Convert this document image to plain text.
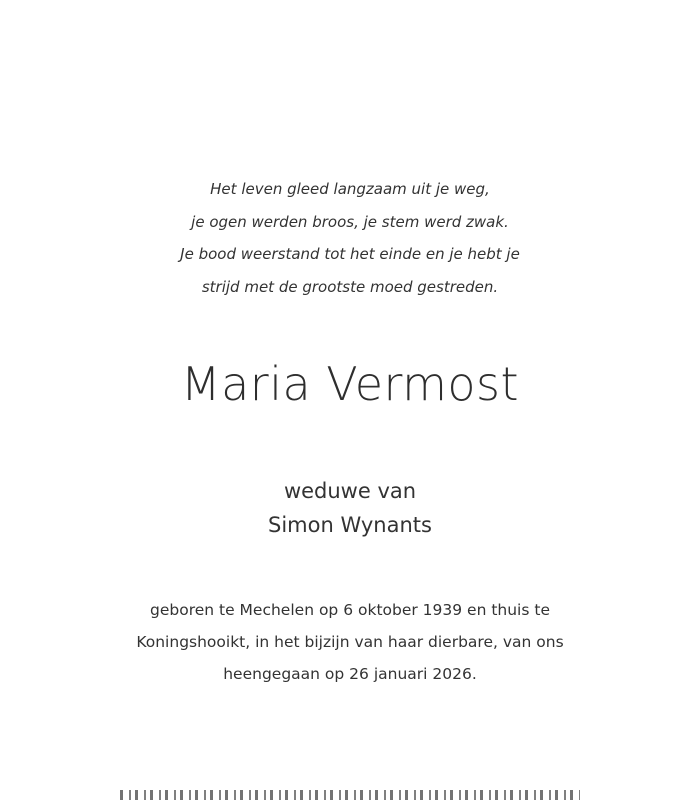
Het leven gleed langzaam uit je weg,
je ogen werden broos, je stem werd zwak.
Je bood weerstand tot het einde en je hebt je
strijd met de grootste moed gestreden.
Maria Vermost
weduwe van
Simon Wynants
geboren te Mechelen op 6 oktober 1939 en thuis te
Koningshooikt, in het bijzijn van haar dierbare, van ons
heengegaan op 26 januari 2026.
